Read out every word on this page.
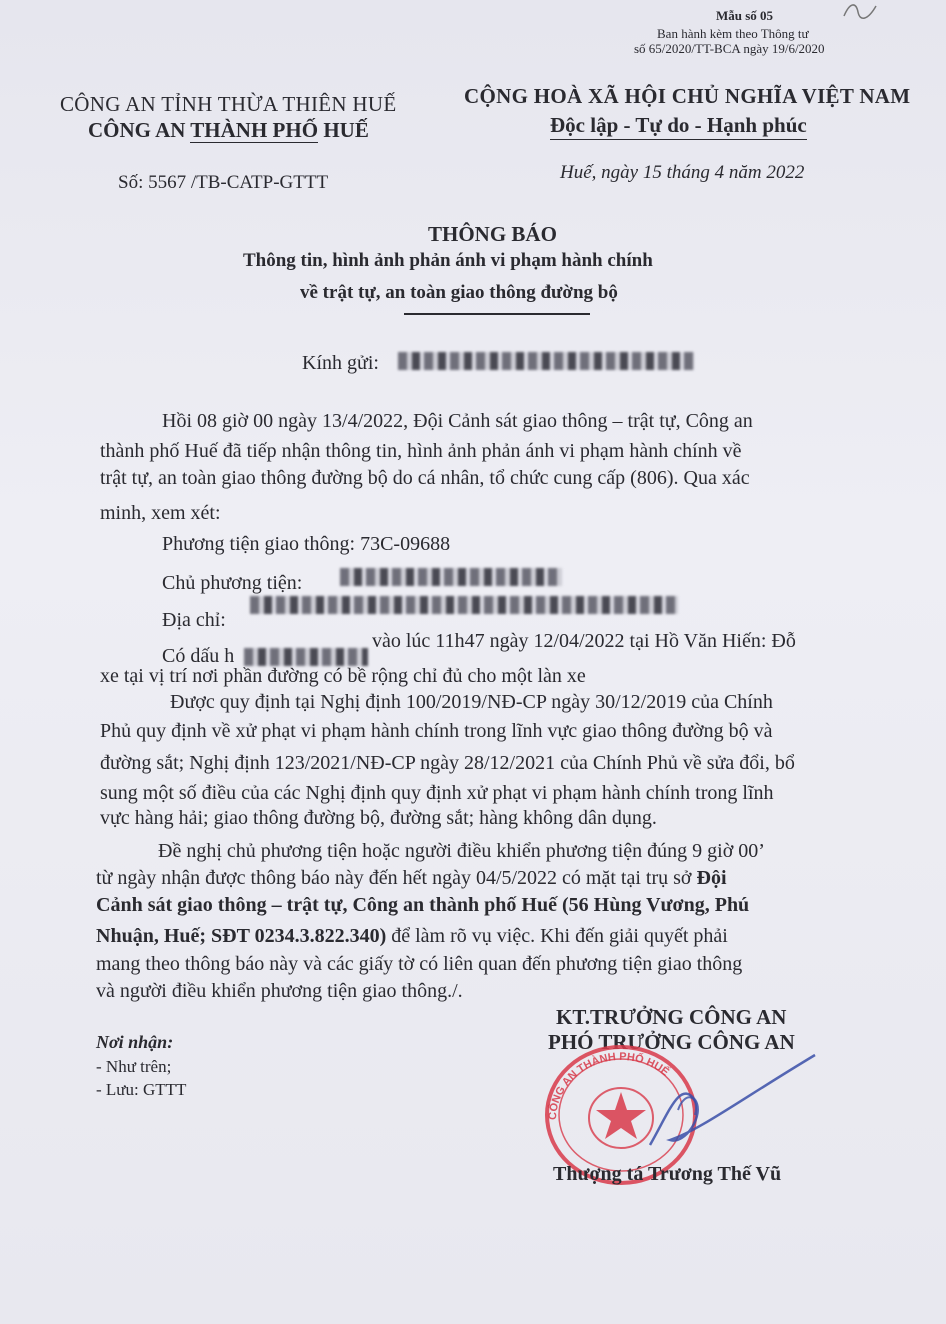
Mẫu số 05
Ban hành kèm theo Thông tư
số 65/2020/TT-BCA ngày 19/6/2020
CÔNG AN TỈNH THỪA THIÊN HUẾ
CÔNG AN THÀNH PHỐ HUẾ
CỘNG HOÀ XÃ HỘI CHỦ NGHĨA VIỆT NAM
Độc lập - Tự do - Hạnh phúc
Số: 5567 /TB-CATP-GTTT	Huế, ngày 15 tháng 4 năm 2022
THÔNG BÁO
Thông tin, hình ảnh phản ánh vi phạm hành chính
về trật tự, an toàn giao thông đường bộ
Kính gửi:
Hồi 08 giờ 00 ngày 13/4/2022, Đội Cảnh sát giao thông – trật tự, Công an
thành phố Huế đã tiếp nhận thông tin, hình ảnh phản ánh vi phạm hành chính về
trật tự, an toàn giao thông đường bộ do cá nhân, tổ chức cung cấp (806). Qua xác
minh, xem xét:
Phương tiện giao thông: 73C-09688
Chủ phương tiện:
Địa chỉ:
Có dấu h
vào lúc 11h47 ngày 12/04/2022 tại Hồ Văn Hiến: Đỗ
xe tại vị trí nơi phần đường có bề rộng chỉ đủ cho một làn xe
Được quy định tại Nghị định 100/2019/NĐ-CP ngày 30/12/2019 của Chính
Phủ quy định về xử phạt vi phạm hành chính trong lĩnh vực giao thông đường bộ và
đường sắt; Nghị định 123/2021/NĐ-CP ngày 28/12/2021 của Chính Phủ về sửa đổi, bổ
sung một số điều của các Nghị định quy định xử phạt vi phạm hành chính trong lĩnh
vực hàng hải; giao thông đường bộ, đường sắt; hàng không dân dụng.
Đề nghị chủ phương tiện hoặc người điều khiển phương tiện đúng 9 giờ 00’
từ ngày nhận được thông báo này đến hết ngày 04/5/2022 có mặt tại trụ sở Đội
Cảnh sát giao thông – trật tự, Công an thành phố Huế (56 Hùng Vương, Phú
Nhuận, Huế; SĐT 0234.3.822.340) để làm rõ vụ việc. Khi đến giải quyết phải
mang theo thông báo này và các giấy tờ có liên quan đến phương tiện giao thông
và người điều khiển phương tiện giao thông./.
KT.TRƯỞNG CÔNG AN
PHÓ TRƯỞNG CÔNG AN
CÔNG AN THÀNH PHỐ HUẾ
Thượng tá Trương Thế Vũ
Nơi nhận:
- Như trên;
- Lưu: GTTT
